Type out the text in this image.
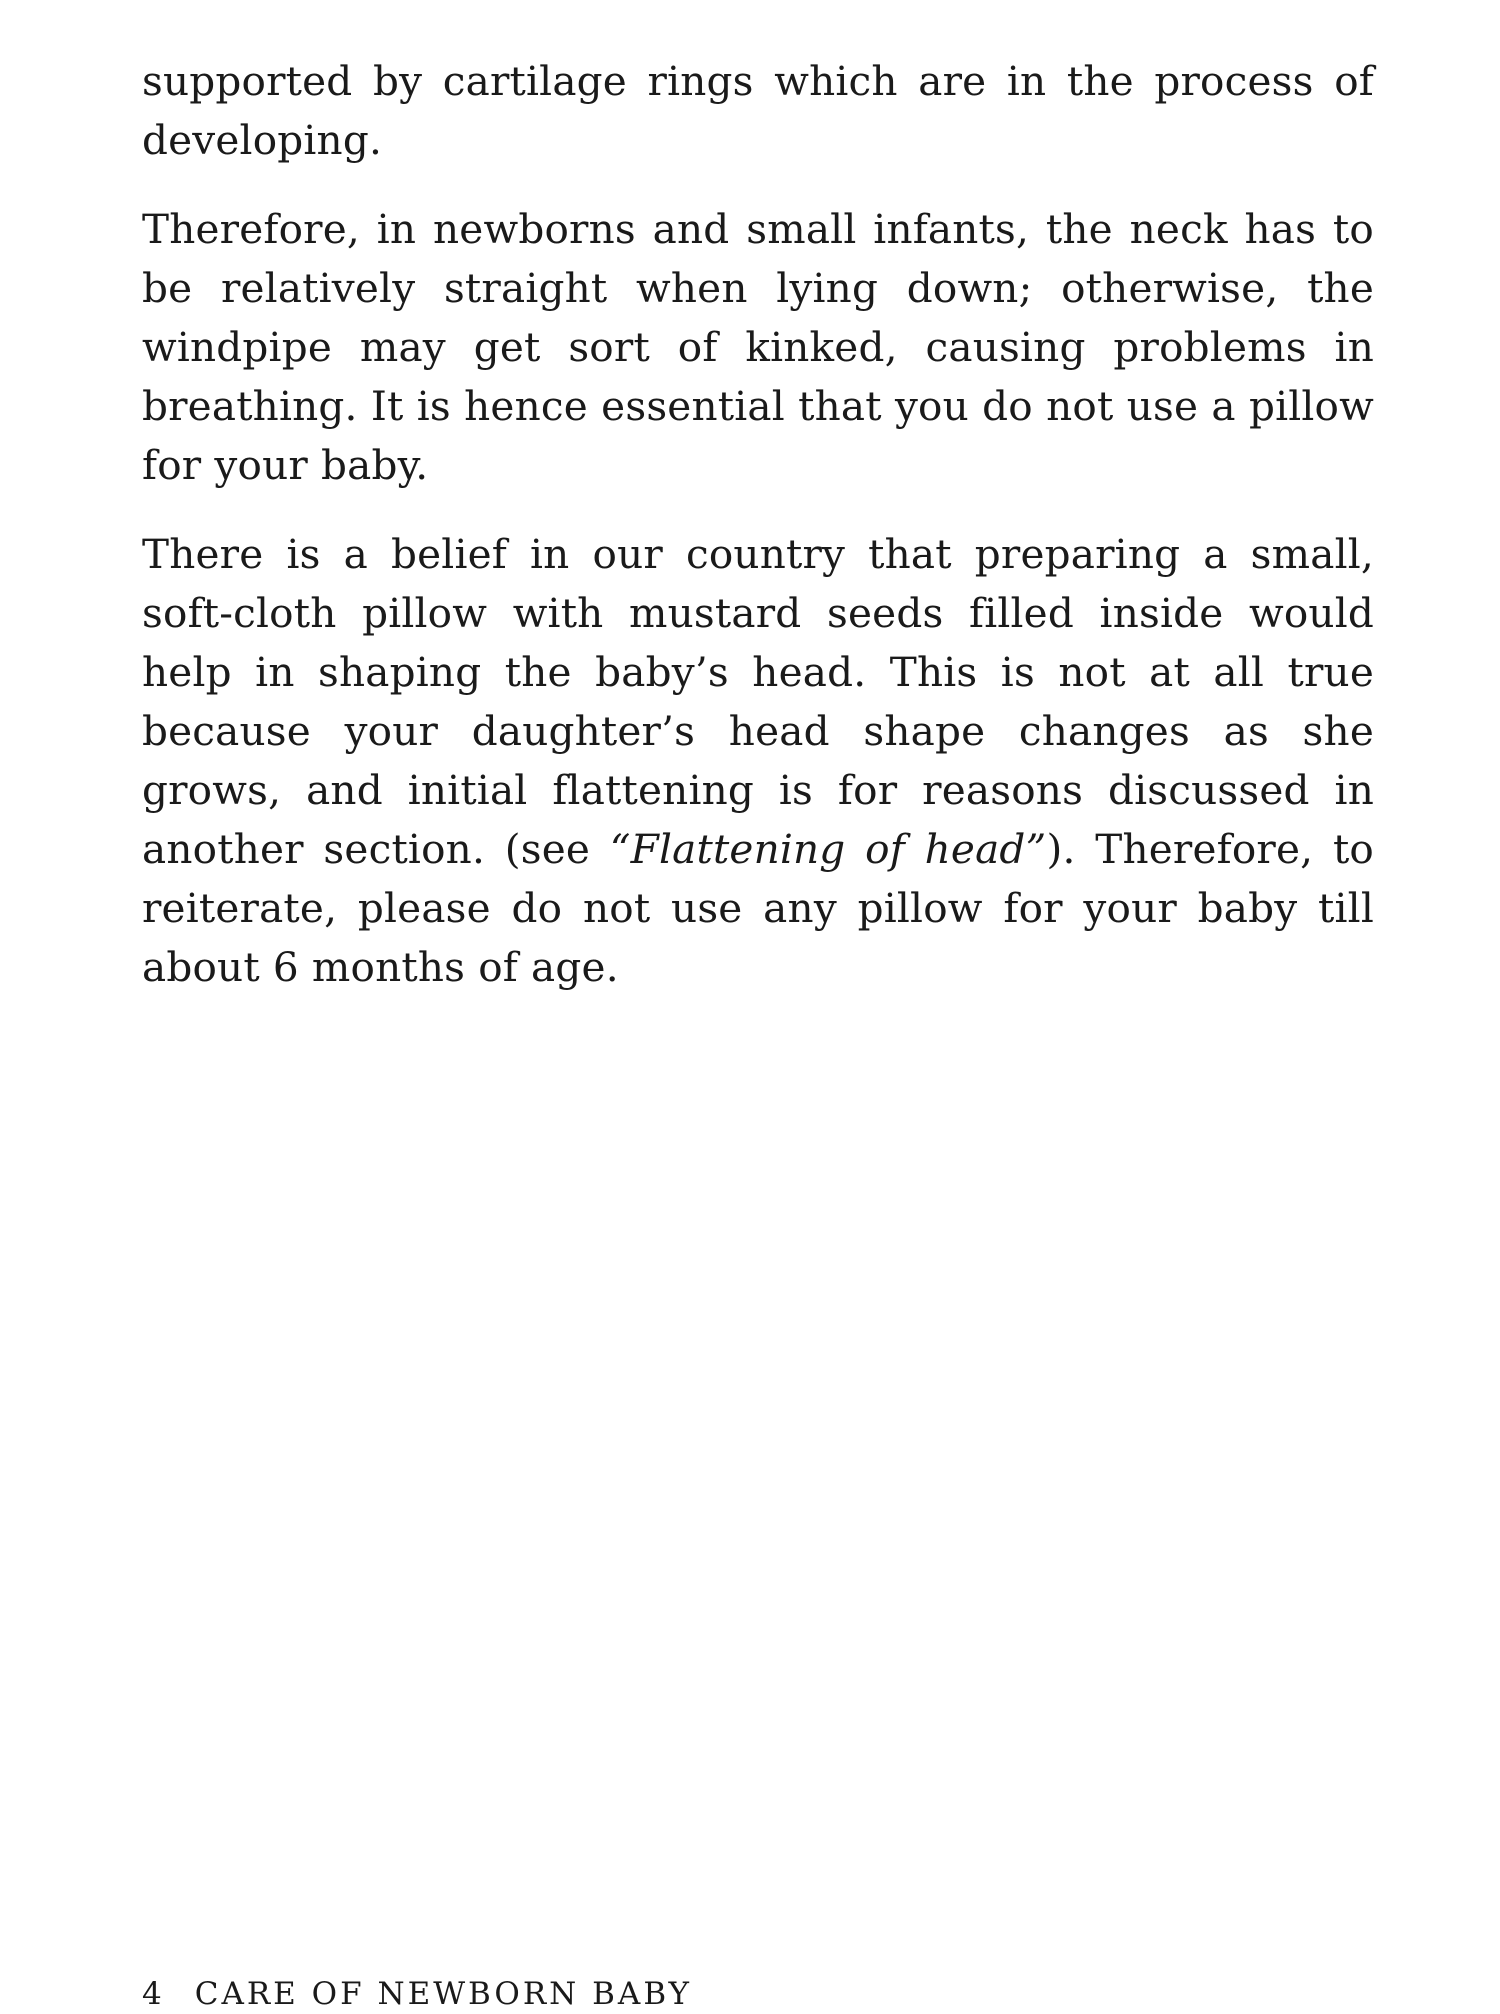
supported by cartilage rings which are in the process of developing.

Therefore, in newborns and small infants, the neck has to be relatively straight when lying down; otherwise, the windpipe may get sort of kinked, causing problems in breathing. It is hence essential that you do not use a pillow for your baby.

There is a belief in our country that preparing a small, soft-cloth pillow with mustard seeds filled inside would help in shaping the baby’s head. This is not at all true because your daughter’s head shape changes as she grows, and initial flattening is for reasons discussed in another section. (see “Flattening of head”). Therefore, to reiterate, please do not use any pillow for your baby till about 6 months of age.

4 CARE OF NEWBORN BABY
